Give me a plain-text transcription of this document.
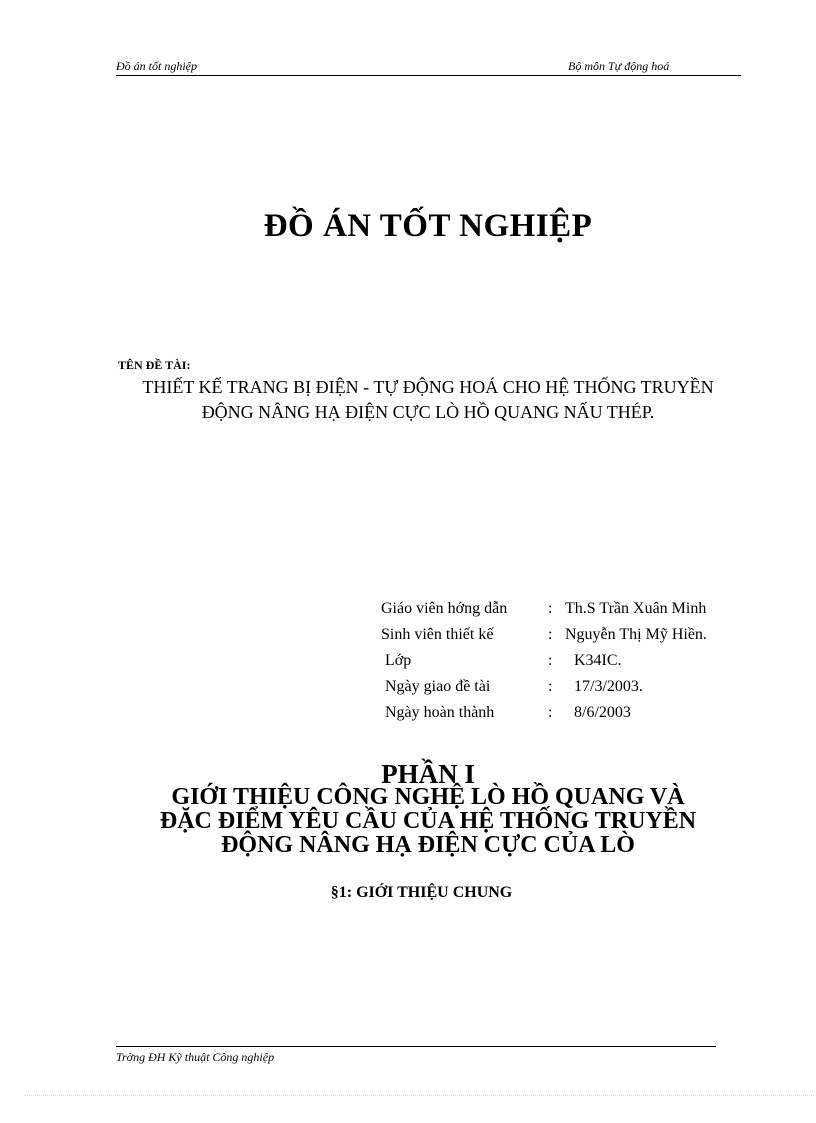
Đồ án tốt nghiệp	Bộ môn Tự động hoá
ĐỒ ÁN TỐT NGHIỆP
TÊN ĐỀ TÀI:
THIẾT KẾ TRANG BỊ ĐIỆN - TỰ ĐỘNG HOÁ CHO HỆ THỐNG TRUYỀN
ĐỘNG NÂNG HẠ ĐIỆN CỰC LÒ HỒ QUANG NẤU THÉP.
Giáo viên hớng dẫn	: Th.S Trần Xuân Minh
Sinh viên thiết kế	: Nguyễn Thị Mỹ Hiền.
Lớp	: K34IC.
Ngày giao đề tài	: 17/3/2003.
Ngày hoàn thành	: 8/6/2003
PHẦN I
GIỚI THIỆU CÔNG NGHỆ LÒ HỒ QUANG VÀ
ĐẶC ĐIỂM YÊU CẦU CỦA HỆ THỐNG TRUYỀN
ĐỘNG NÂNG HẠ ĐIỆN CỰC CỦA LÒ
§1: GIỚI THIỆU CHUNG
Trờng ĐH Kỹ thuật Công nghiệp
